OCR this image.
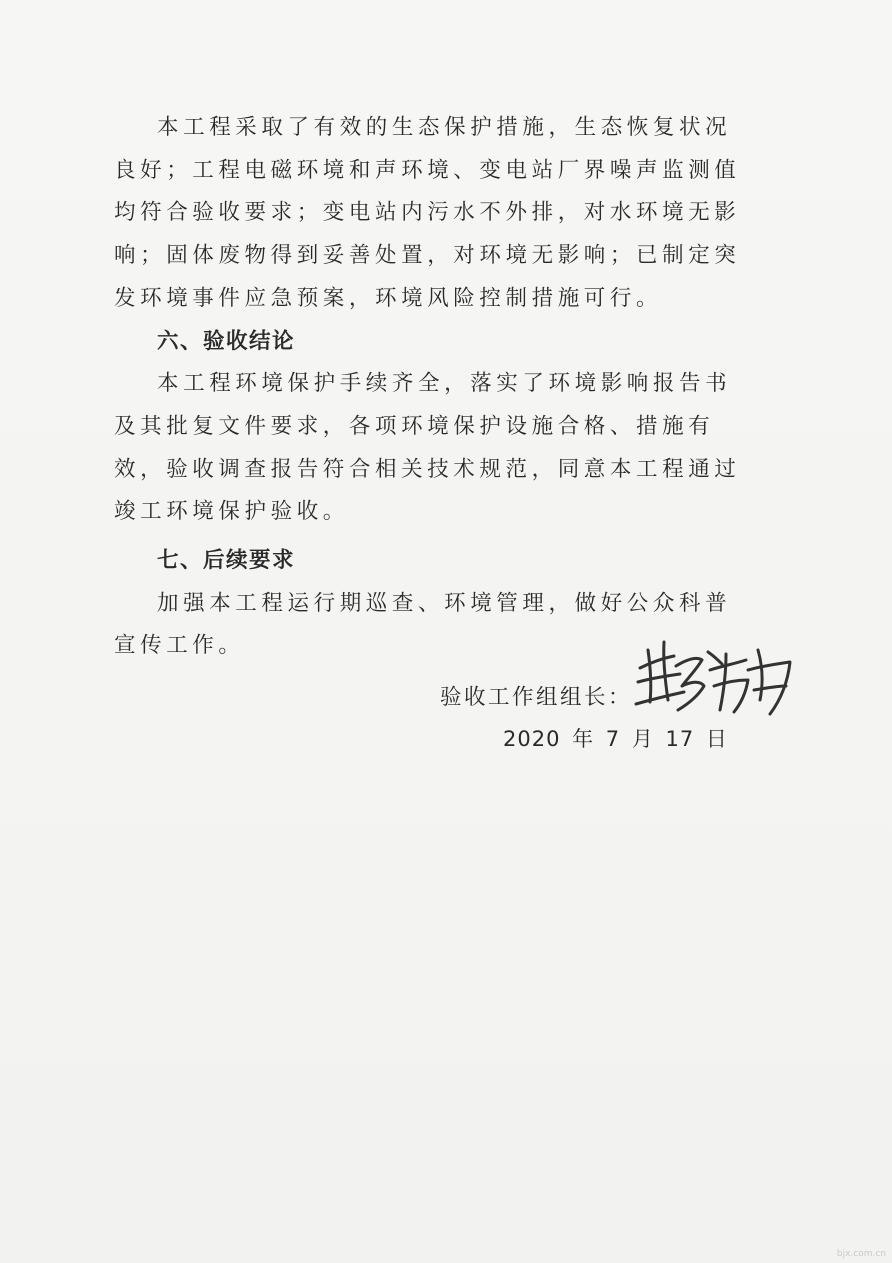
本工程采取了有效的生态保护措施，生态恢复状况良好；工程电磁环境和声环境、变电站厂界噪声监测值均符合验收要求；变电站内污水不外排，对水环境无影响；固体废物得到妥善处置，对环境无影响；已制定突发环境事件应急预案，环境风险控制措施可行。

六、验收结论

本工程环境保护手续齐全，落实了环境影响报告书及其批复文件要求，各项环境保护设施合格、措施有效，验收调查报告符合相关技术规范，同意本工程通过竣工环境保护验收。

七、后续要求

加强本工程运行期巡查、环境管理，做好公众科普宣传工作。

验收工作组组长：
2020 年 7 月 17 日
bjx.com.cn
